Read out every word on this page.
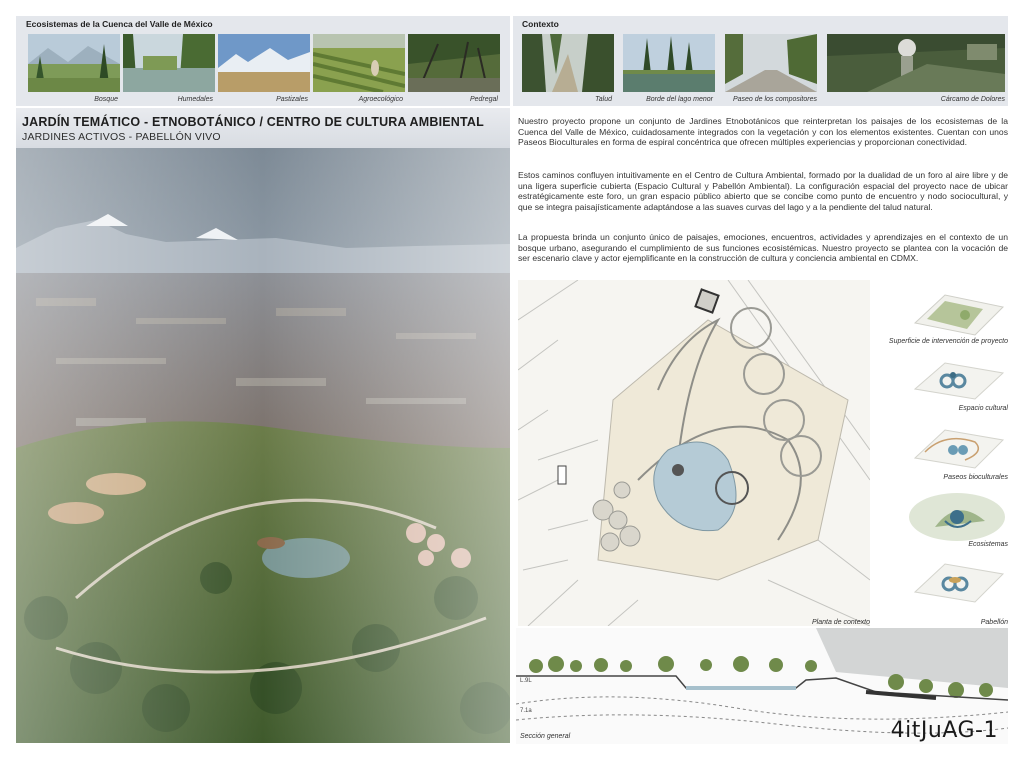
Ecosistemas de la Cuenca del Valle de México
Bosque	Humedales	Pastizales	Agroecológico	Pedregal
Contexto
Talud	Borde del lago menor	Paseo de los compositores	Cárcamo de Dolores
JARDÍN TEMÁTICO - ETNOBOTÁNICO / CENTRO DE CULTURA AMBIENTAL
JARDINES ACTIVOS - PABELLÓN VIVO

Nuestro proyecto propone un conjunto de Jardines Etnobotánicos que reinterpretan los paisajes de los ecosistemas de la Cuenca del Valle de México, cuidadosamente integrados con la vegetación y con los elementos existentes. Cuentan con unos Paseos Bioculturales en forma de espiral concéntrica que ofrecen múltiples experiencias y proporcionan conectividad.

Estos caminos confluyen intuitivamente en el Centro de Cultura Ambiental, formado por la dualidad de un foro al aire libre y de una ligera superficie cubierta (Espacio Cultural y Pabellón Ambiental). La configuración espacial del proyecto nace de ubicar estratégicamente este foro, un gran espacio público abierto que se concibe como punto de encuentro y nodo sociocultural, y que se integra paisajísticamente adaptándose a las suaves curvas del lago y a la pendiente del talud natural.

La propuesta brinda un conjunto único de paisajes, emociones, encuentros, actividades y aprendizajes en el contexto de un bosque urbano, asegurando el cumplimiento de sus funciones ecosistémicas. Nuestro proyecto se plantea con la vocación de ser escenario clave y actor ejemplificante en la construcción de cultura y conciencia ambiental en CDMX.

Planta de contexto
Superficie de intervención de proyecto
Espacio cultural
Paseos bioculturales
Ecosistemas
Pabellón
L.9L
7.1a
Sección general	4itJuAG-1
